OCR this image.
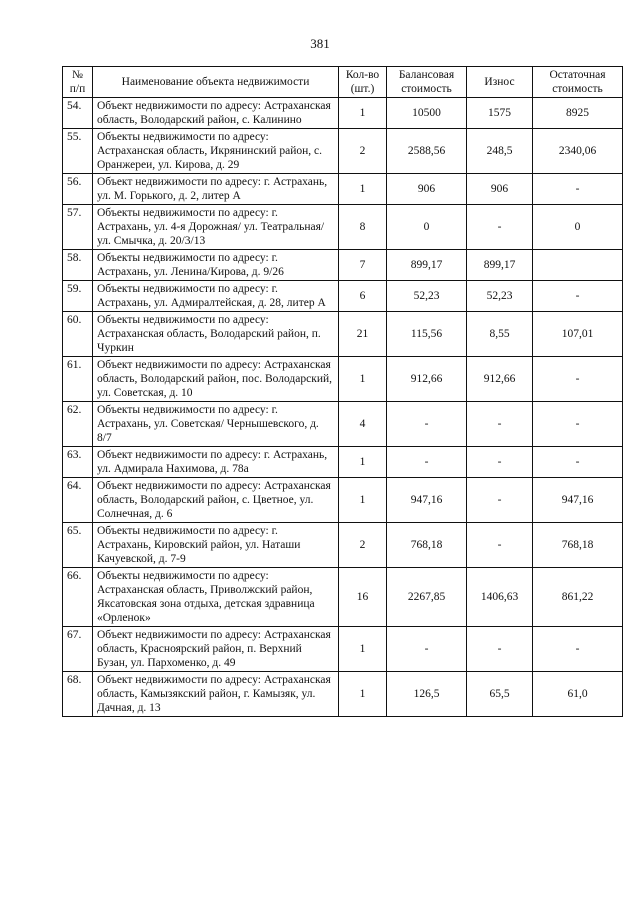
381
№ п/п	Наименование объекта недвижимости	Кол-во (шт.)	Балансовая стоимость	Износ	Остаточная стоимость
54.	Объект недвижимости по адресу: Астраханская область, Володарский район, с. Калинино	1	10500	1575	8925
55.	Объекты недвижимости по адресу: Астраханская область, Икрянинский район, с. Оранжереи, ул. Кирова, д. 29	2	2588,56	248,5	2340,06
56.	Объект недвижимости по адресу: г. Астрахань, ул. М. Горького, д. 2, литер А	1	906	906	-
57.	Объекты недвижимости по адресу: г. Астрахань, ул. 4-я Дорожная/ ул. Театральная/ул. Смычка, д. 20/3/13	8	0	-	0
58.	Объекты недвижимости по адресу: г. Астрахань, ул. Ленина/Кирова, д. 9/26	7	899,17	899,17	
59.	Объекты недвижимости по адресу: г. Астрахань, ул. Адмиралтейская, д. 28, литер А	6	52,23	52,23	-
60.	Объекты недвижимости по адресу: Астраханская область, Володарский район, п. Чуркин	21	115,56	8,55	107,01
61.	Объект недвижимости по адресу: Астраханская область, Володарский район, пос. Володарский, ул. Советская, д. 10	1	912,66	912,66	-
62.	Объекты недвижимости по адресу: г. Астрахань, ул. Советская/ Чернышевского, д. 8/7	4	-	-	-
63.	Объект недвижимости по адресу: г. Астрахань, ул. Адмирала Нахимова, д. 78а	1	-	-	-
64.	Объект недвижимости по адресу: Астраханская область, Володарский район, с. Цветное, ул. Солнечная, д. 6	1	947,16	-	947,16
65.	Объекты недвижимости по адресу: г. Астрахань, Кировский район, ул. Наташи Качуевской, д. 7-9	2	768,18	-	768,18
66.	Объекты недвижимости по адресу: Астраханская область, Приволжский район, Яксатовская зона отдыха, детская здравница «Орленок»	16	2267,85	1406,63	861,22
67.	Объект недвижимости по адресу: Астраханская область, Красноярский район, п. Верхний Бузан, ул. Пархоменко, д. 49	1	-	-	-
68.	Объект недвижимости по адресу: Астраханская область, Камызякский район, г. Камызяк, ул. Дачная, д. 13	1	126,5	65,5	61,0
